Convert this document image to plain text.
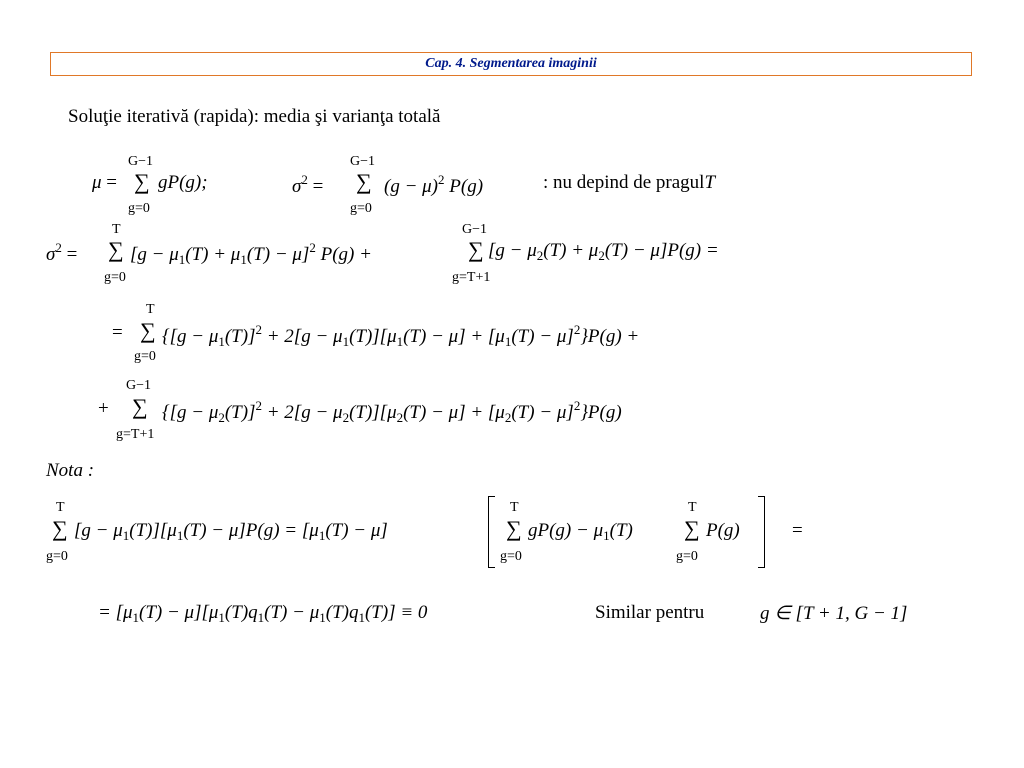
Cap. 4. Segmentarea imaginii
Soluţie iterativă (rapida): media şi varianţa totală
μ =
G−1
∑
g=0
gP(g);	$\sigma^2$ =
G−1
∑
g=0
$(g - \mu)^2$ P(g)	: nu depind de pragulT
$\sigma^2$ =
T
∑
g=0
$[g - \mu_1(T) + \mu_1(T) - \mu]^2$ P(g) +
G−1
∑
g=T+1
$[g - \mu_2(T) + \mu_2(T) - \mu]P(g)$ =
=
T
∑
g=0
$\{[g - \mu_1(T)]^2 + 2[g - \mu_1(T)][\mu_1(T) - \mu] + [\mu_1(T) - \mu]^2\}P(g)$ +
+
G−1
∑
g=T+1
$\{[g - \mu_2(T)]^2 + 2[g - \mu_2(T)][\mu_2(T) - \mu] + [\mu_2(T) - \mu]^2\}P(g)$
Nota :
T
∑
g=0
$[g - \mu_1(T)][\mu_1(T) - \mu]P(g) = [\mu_1(T) - \mu]$
T
∑
g=0
$gP(g) - \mu_1(T)$
T
∑
g=0
P(g)	=
= $[\mu_1(T) - \mu][\mu_1(T)q_1(T) - \mu_1(T)q_1(T)] \equiv 0$	Similar pentru	g ∈ [T + 1, G − 1]
